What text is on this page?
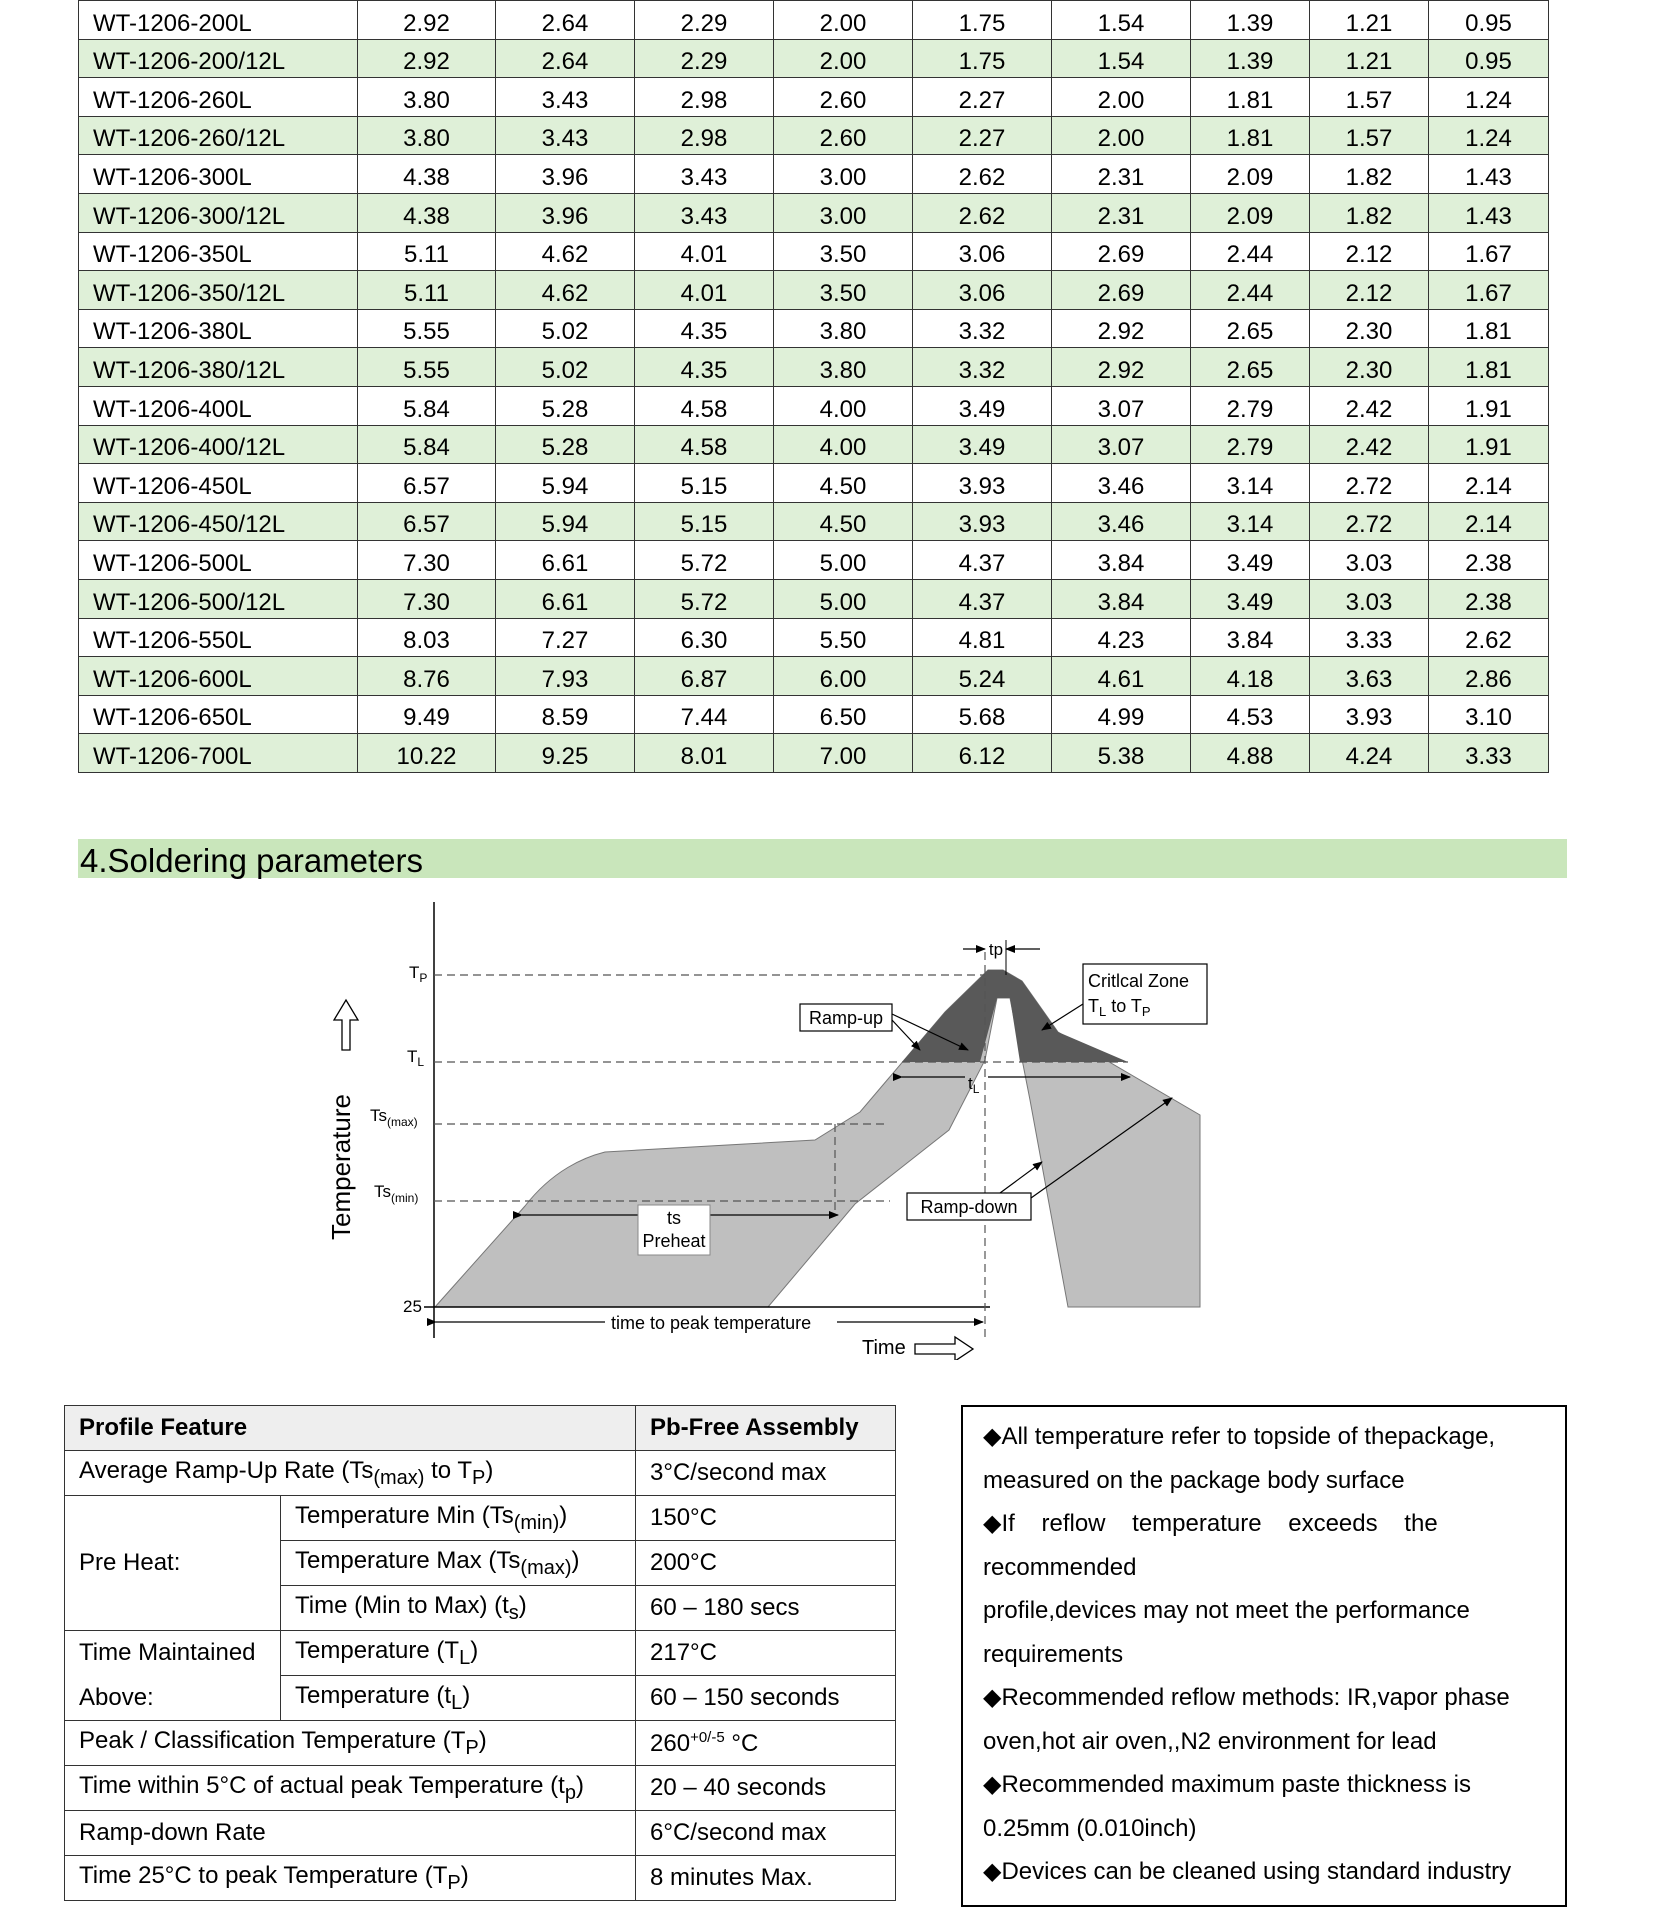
WT-1206-200L	2.92	2.64	2.29	2.00	1.75	1.54	1.39	1.21	0.95
WT-1206-200/12L	2.92	2.64	2.29	2.00	1.75	1.54	1.39	1.21	0.95
WT-1206-260L	3.80	3.43	2.98	2.60	2.27	2.00	1.81	1.57	1.24
WT-1206-260/12L	3.80	3.43	2.98	2.60	2.27	2.00	1.81	1.57	1.24
WT-1206-300L	4.38	3.96	3.43	3.00	2.62	2.31	2.09	1.82	1.43
WT-1206-300/12L	4.38	3.96	3.43	3.00	2.62	2.31	2.09	1.82	1.43
WT-1206-350L	5.11	4.62	4.01	3.50	3.06	2.69	2.44	2.12	1.67
WT-1206-350/12L	5.11	4.62	4.01	3.50	3.06	2.69	2.44	2.12	1.67
WT-1206-380L	5.55	5.02	4.35	3.80	3.32	2.92	2.65	2.30	1.81
WT-1206-380/12L	5.55	5.02	4.35	3.80	3.32	2.92	2.65	2.30	1.81
WT-1206-400L	5.84	5.28	4.58	4.00	3.49	3.07	2.79	2.42	1.91
WT-1206-400/12L	5.84	5.28	4.58	4.00	3.49	3.07	2.79	2.42	1.91
WT-1206-450L	6.57	5.94	5.15	4.50	3.93	3.46	3.14	2.72	2.14
WT-1206-450/12L	6.57	5.94	5.15	4.50	3.93	3.46	3.14	2.72	2.14
WT-1206-500L	7.30	6.61	5.72	5.00	4.37	3.84	3.49	3.03	2.38
WT-1206-500/12L	7.30	6.61	5.72	5.00	4.37	3.84	3.49	3.03	2.38
WT-1206-550L	8.03	7.27	6.30	5.50	4.81	4.23	3.84	3.33	2.62
WT-1206-600L	8.76	7.93	6.87	6.00	5.24	4.61	4.18	3.63	2.86
WT-1206-650L	9.49	8.59	7.44	6.50	5.68	4.99	4.53	3.93	3.10
WT-1206-700L	10.22	9.25	8.01	7.00	6.12	5.38	4.88	4.24	3.33
4.Soldering parameters
$T_P$
$T_L$
$Ts_{(max)}$
$Ts_{(min)}$
25
Temperature
Time
time to peak temperature
ts
Preheat
$t_L$
tp
Ramp-up
Ramp-down
Critlcal Zone
$T_L$ to $T_P$
Profile Feature		Pb-Free Assembly
Average Ramp-Up Rate ($Ts_{(max)}$ to $T_P$)		3°C/second max
Pre Heat:	Temperature Min $(Ts_{(min)})$	150°C
	Temperature Max $(Ts_{(max)})$	200°C
	Time (Min to Max) $(t_s)$	60 – 180 secs
Time Maintained	Temperature $(T_L)$	217°C
Above:	Temperature $(t_L)$	60 – 150 seconds
Peak / Classification Temperature $(T_P)$		$260^{+0/-5}$ °C
Time within 5°C of actual peak Temperature $(t_p)$		20 – 40 seconds
Ramp-down Rate		6°C/second max
Time 25°C to peak Temperature $(T_P)$		8 minutes Max.

◆All temperature refer to topside of thepackage,

measured on the package body surface

◆If    reflow    temperature    exceeds    the

recommended

profile,devices may not meet the performance

requirements

◆Recommended reflow methods: IR,vapor phase

oven,hot air oven,,N2 environment for lead

◆Recommended maximum paste thickness is

0.25mm (0.010inch)

◆Devices can be cleaned using standard industry
